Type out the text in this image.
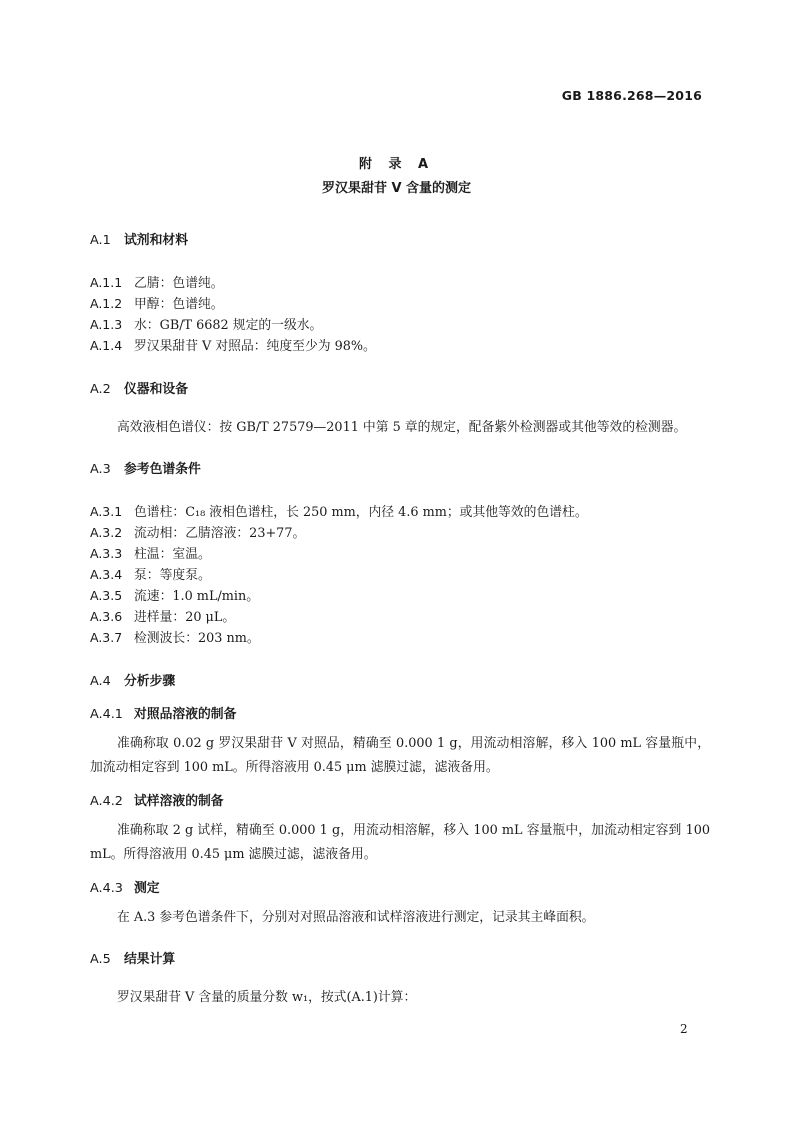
GB 1886.268—2016
附 录 A
罗汉果甜苷 V 含量的测定
A.1 试剂和材料
A.1.1 乙腈：色谱纯。
A.1.2 甲醇：色谱纯。
A.1.3 水：GB/T 6682 规定的一级水。
A.1.4 罗汉果甜苷 V 对照品：纯度至少为 98%。
A.2 仪器和设备
高效液相色谱仪：按 GB/T 27579—2011 中第 5 章的规定，配备紫外检测器或其他等效的检测器。
A.3 参考色谱条件
A.3.1 色谱柱：C₁₈ 液相色谱柱，长 250 mm，内径 4.6 mm；或其他等效的色谱柱。
A.3.2 流动相：乙腈溶液：23+77。
A.3.3 柱温：室温。
A.3.4 泵：等度泵。
A.3.5 流速：1.0 mL/min。
A.3.6 进样量：20 μL。
A.3.7 检测波长：203 nm。
A.4 分析步骤
A.4.1 对照品溶液的制备
准确称取 0.02 g 罗汉果甜苷 V 对照品，精确至 0.000 1 g，用流动相溶解，移入 100 mL 容量瓶中，加流动相定容到 100 mL。所得溶液用 0.45 μm 滤膜过滤，滤液备用。
A.4.2 试样溶液的制备
准确称取 2 g 试样，精确至 0.000 1 g，用流动相溶解，移入 100 mL 容量瓶中，加流动相定容到 100 mL。所得溶液用 0.45 μm 滤膜过滤，滤液备用。
A.4.3 测定
在 A.3 参考色谱条件下，分别对对照品溶液和试样溶液进行测定，记录其主峰面积。
A.5 结果计算
罗汉果甜苷 V 含量的质量分数 w₁，按式(A.1)计算：
2
